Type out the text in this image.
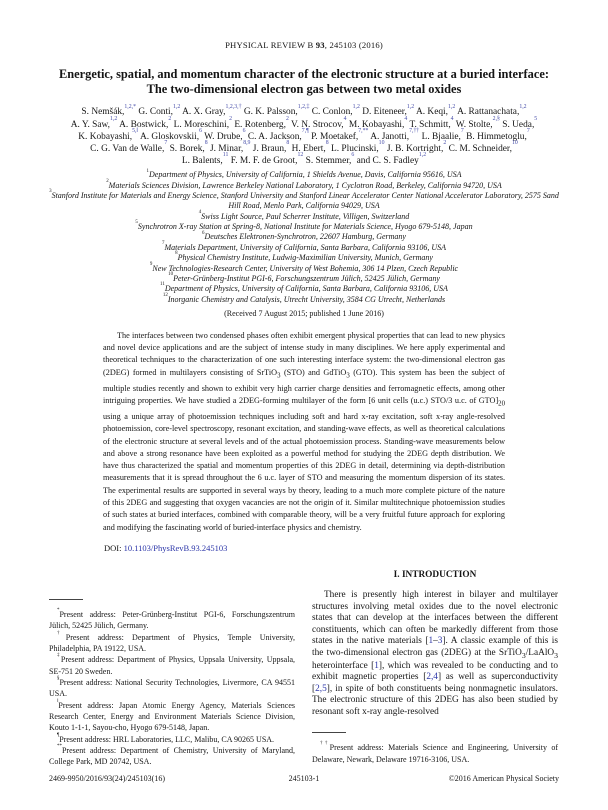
PHYSICAL REVIEW B 93, 245103 (2016)
Energetic, spatial, and momentum character of the electronic structure at a buried interface:
The two-dimensional electron gas between two metal oxides
S. Nemšák,$^{1,2,*}$ G. Conti,$^{1,2}$ A. X. Gray,$^{1,2,3,\dagger}$ G. K. Palsson,$^{1,2,\ddagger}$ C. Conlon,$^{1,2}$ D. Eiteneer,$^{1,2}$ A. Keqi,$^{1,2}$ A. Rattanachata,$^{1,2}$
A. Y. Saw,$^{1,2}$ A. Bostwick,$^2$ L. Moreschini,$^2$ E. Rotenberg,$^2$ V. N. Strocov,$^4$ M. Kobayashi,$^4$ T. Schmitt,$^4$ W. Stolte,$^{2,\S}$ S. Ueda,$^5$
K. Kobayashi,$^{5,‖}$ A. Gloskovskii,$^6$ W. Drube,$^6$ C. A. Jackson,$^{7,\P}$ P. Moetakef,$^{7,**}$ A. Janotti,$^{7,\dagger\dagger}$ L. Bjaalie,$^7$ B. Himmetoglu,$^7$
C. G. Van de Walle,$^7$ S. Borek,$^8$ J. Minar,$^{8,9}$ J. Braun,$^8$ H. Ebert,$^8$ L. Plucinski,$^{10}$ J. B. Kortright,$^2$ C. M. Schneider,$^{10}$
L. Balents,$^{11}$ F. M. F. de Groot,$^{12}$ S. Stemmer,$^6$ and C. S. Fadley$^{1,2}$
$^1$Department of Physics, University of California, 1 Shields Avenue, Davis, California 95616, USA
$^2$Materials Sciences Division, Lawrence Berkeley National Laboratory, 1 Cyclotron Road, Berkeley, California 94720, USA
$^3$Stanford Institute for Materials and Energy Science, Stanford University and Stanford Linear Accelerator Center National Accelerator Laboratory, 2575 Sand Hill Road, Menlo Park, California 94029, USA
$^4$Swiss Light Source, Paul Scherrer Institute, Villigen, Switzerland
$^5$Synchrotron X-ray Station at Spring-8, National Institute for Materials Science, Hyogo 679-5148, Japan
$^6$Deutsches Elektronen-Synchrotron, 22607 Hamburg, Germany
$^7$Materials Department, University of California, Santa Barbara, California 93106, USA
$^8$Physical Chemistry Institute, Ludwig-Maximilian University, Munich, Germany
$^9$New Technologies-Research Center, University of West Bohemia, 306 14 Plzen, Czech Republic
$^{10}$Peter-Grünberg-Institut PGI-6, Forschungszentrum Jülich, 52425 Jülich, Germany
$^{11}$Department of Physics, University of California, Santa Barbara, California 93106, USA
$^{12}$Inorganic Chemistry and Catalysis, Utrecht University, 3584 CG Utrecht, Netherlands
(Received 7 August 2015; published 1 June 2016)

The interfaces between two condensed phases often exhibit emergent physical properties that can lead to new physics and novel device applications and are the subject of intense study in many disciplines. We here apply experimental and theoretical techniques to the characterization of one such interesting interface system: the two-dimensional electron gas (2DEG) formed in multilayers consisting of SrTiO$_3$ (STO) and GdTiO$_3$ (GTO). This system has been the subject of multiple studies recently and shown to exhibit very high carrier charge densities and ferromagnetic effects, among other intriguing properties. We have studied a 2DEG-forming multilayer of the form [6 unit cells (u.c.) STO/3 u.c. of $GTO]_{20}$ using a unique array of photoemission techniques including soft and hard x-ray excitation, soft x-ray angle-resolved photoemission, core-level spectroscopy, resonant excitation, and standing-wave effects, as well as theoretical calculations of the electronic structure at several levels and of the actual photoemission process. Standing-wave measurements below and above a strong resonance have been exploited as a powerful method for studying the 2DEG depth distribution. We have thus characterized the spatial and momentum properties of this 2DEG in detail, determining via depth-distribution measurements that it is spread throughout the 6 u.c. layer of STO and measuring the momentum dispersion of its states. The experimental results are supported in several ways by theory, leading to a much more complete picture of the nature of this 2DEG and suggesting that oxygen vacancies are not the origin of it. Similar multitechnique photoemission studies of such states at buried interfaces, combined with comparable theory, will be a very fruitful future approach for exploring and modifying the fascinating world of buried-interface physics and chemistry.

DOI: 10.1103/PhysRevB.93.245103
*Present address: Peter-Grünberg-Institut PGI-6, Forschungszentrum Jülich, 52425 Jülich, Germany.
†Present address: Department of Physics, Temple University, Philadelphia, PA 19122, USA.
‡Present address: Department of Physics, Uppsala University, Uppsala, SE-751 20 Sweden.
§Present address: National Security Technologies, Livermore, CA 94551 USA.
‖Present address: Japan Atomic Energy Agency, Materials Sciences Research Center, Energy and Environment Materials Science Division, Kouto 1-1-1, Sayou-cho, Hyogo 679-5148, Japan.
¶Present address: HRL Laboratories, LLC, Malibu, CA 90265 USA.
**Present address: Department of Chemistry, University of Maryland, College Park, MD 20742, USA.
I. INTRODUCTION

There is presently high interest in bilayer and multilayer structures involving metal oxides due to the novel electronic states that can develop at the interfaces between the different constituents, which can often be markedly different from those states in the native materials [1–3]. A classic example of this is the two-dimensional electron gas (2DEG) at the SrTiO$_3$/LaAlO$_3$ heterointerface [1], which was revealed to be conducting and to exhibit magnetic properties [2,4] as well as superconductivity [2,5], in spite of both constituents being nonmagnetic insulators. The electronic structure of this 2DEG has also been studied by resonant soft x-ray angle-resolved

††Present address: Materials Science and Engineering, University of Delaware, Newark, Delaware 19716-3106, USA.
2469-9950/2016/93(24)/245103(16)	245103-1	©2016 American Physical Society
